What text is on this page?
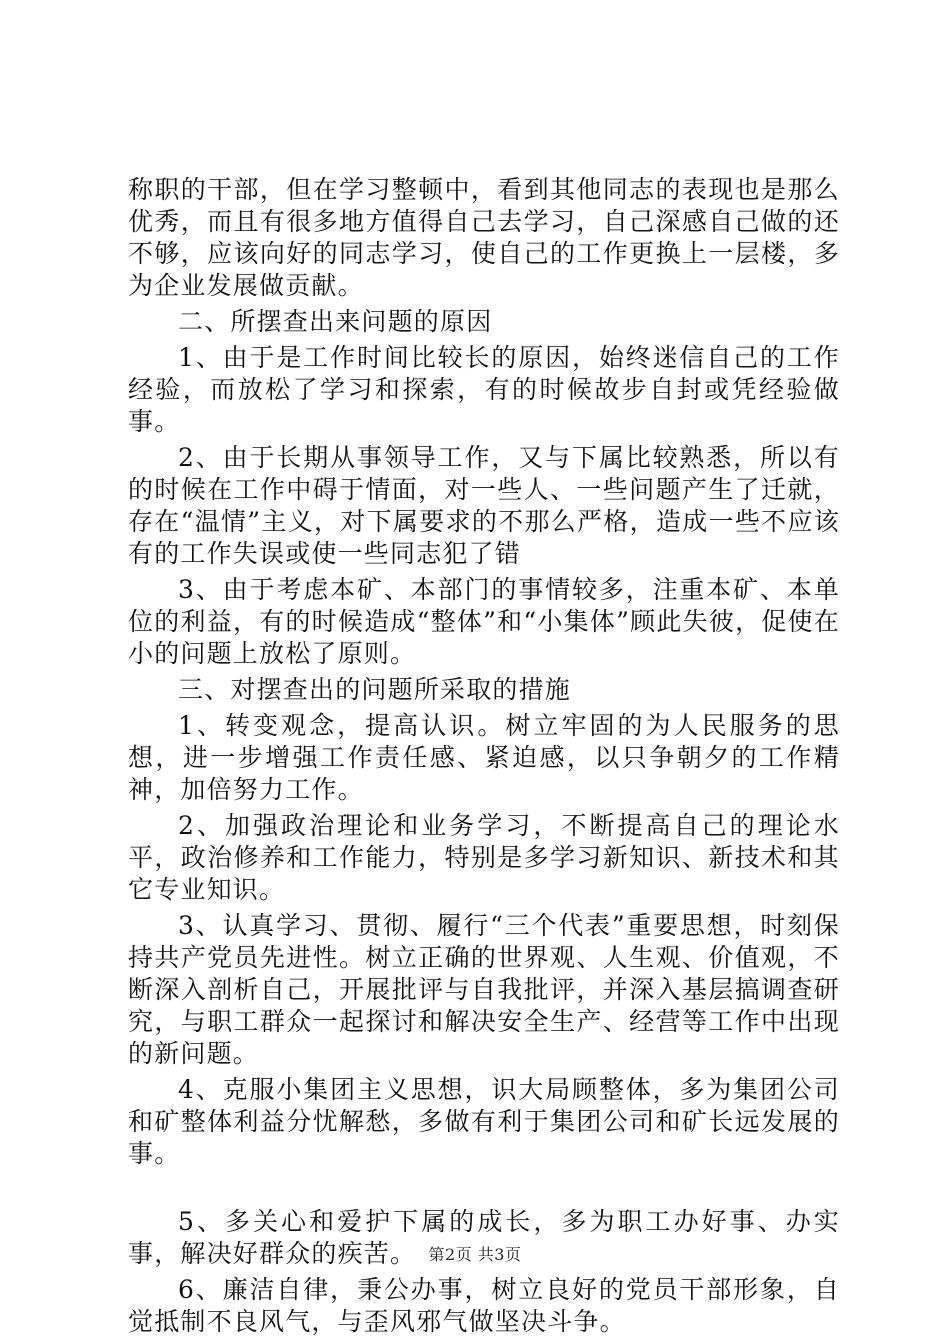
称职的干部，但在学习整顿中，看到其他同志的表现也是那么优秀，而且有很多地方值得自己去学习，自己深感自己做的还不够，应该向好的同志学习，使自己的工作更换上一层楼，多为企业发展做贡献。

二、所摆查出来问题的原因

1、由于是工作时间比较长的原因，始终迷信自己的工作经验，而放松了学习和探索，有的时候故步自封或凭经验做事。

2、由于长期从事领导工作，又与下属比较熟悉，所以有的时候在工作中碍于情面，对一些人、一些问题产生了迁就，存在“温情”主义，对下属要求的不那么严格，造成一些不应该有的工作失误或使一些同志犯了错

3、由于考虑本矿、本部门的事情较多，注重本矿、本单位的利益，有的时候造成“整体”和“小集体”顾此失彼，促使在小的问题上放松了原则。

三、对摆查出的问题所采取的措施

1、转变观念，提高认识。树立牢固的为人民服务的思想，进一步增强工作责任感、紧迫感，以只争朝夕的工作精神，加倍努力工作。

2、加强政治理论和业务学习，不断提高自己的理论水平，政治修养和工作能力，特别是多学习新知识、新技术和其它专业知识。

3、认真学习、贯彻、履行“三个代表”重要思想，时刻保持共产党员先进性。树立正确的世界观、人生观、价值观，不断深入剖析自己，开展批评与自我批评，并深入基层搞调查研究，与职工群众一起探讨和解决安全生产、经营等工作中出现的新问题。

4、克服小集团主义思想，识大局顾整体，多为集团公司和矿整体利益分忧解愁，多做有利于集团公司和矿长远发展的事。

5、多关心和爱护下属的成长，多为职工办好事、办实事，解决好群众的疾苦。

6、廉洁自律，秉公办事，树立良好的党员干部形象，自觉抵制不良风气，与歪风邪气做坚决斗争。

第2页 共3页
